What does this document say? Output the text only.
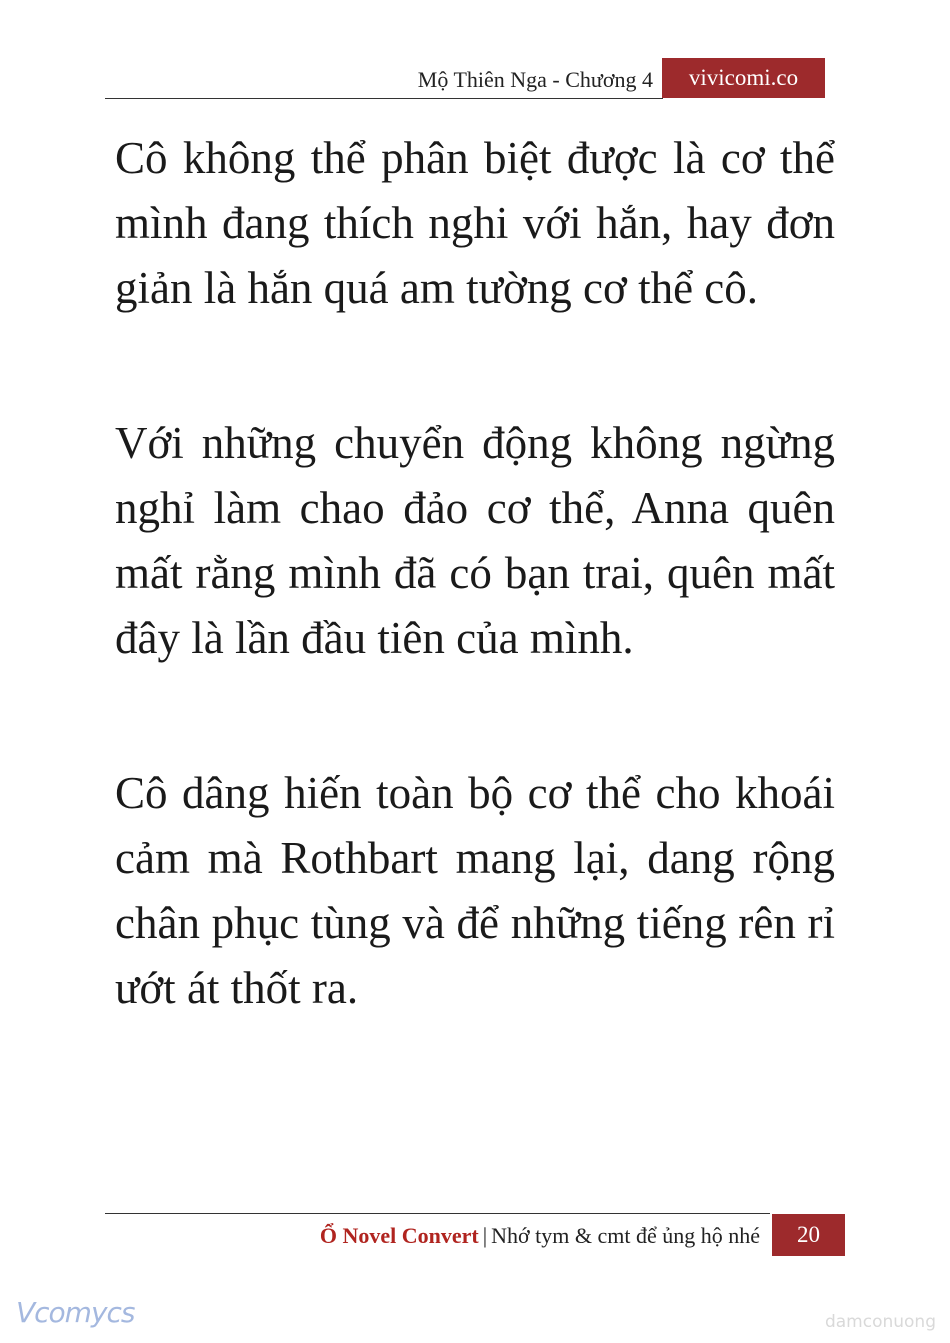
Mộ Thiên Nga - Chương 4	vivicomi.co

Cô không thể phân biệt được là cơ thể mình đang thích nghi với hắn, hay đơn giản là hắn quá am tường cơ thể cô.

Với những chuyển động không ngừng nghỉ làm chao đảo cơ thể, Anna quên mất rằng mình đã có bạn trai, quên mất đây là lần đầu tiên của mình.

Cô dâng hiến toàn bộ cơ thể cho khoái cảm mà Rothbart mang lại, dang rộng chân phục tùng và để những tiếng rên rỉ ướt át thốt ra.

Ổ Novel Convert | Nhớ tym & cmt để ủng hộ nhé	20
Vcomycs	damconuong
